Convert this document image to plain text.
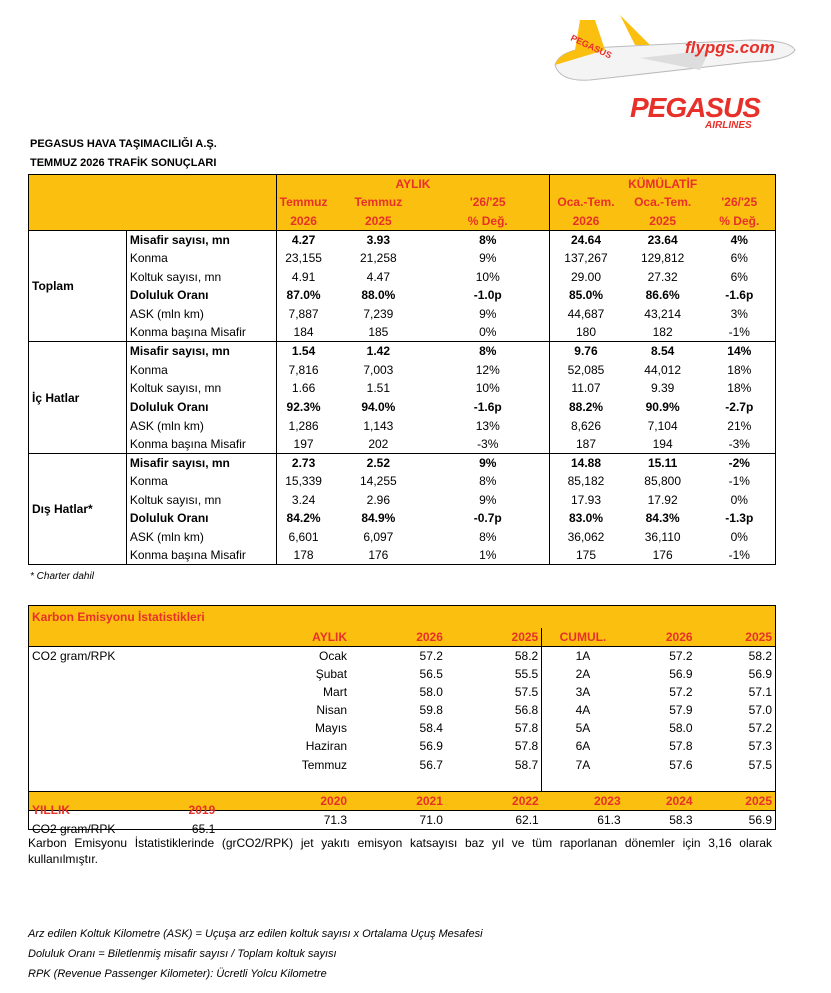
PEGASUS	flypgs.com
PEGASUS
AIRLINES
PEGASUS HAVA TAŞIMACILIĞI A.Ş.
TEMMUZ 2026 TRAFİK SONUÇLARI
		AYLIK			KÜMÜLATİF		
		Temmuz	Temmuz	'26/'25	Oca.-Tem.	Oca.-Tem.	'26/'25
		2026	2025	% Değ.	2026	2025	% Değ.
Toplam	Misafir sayısı, mn	4.27	3.93	8%	24.64	23.64	4%
	Konma	23,155	21,258	9%	137,267	129,812	6%
	Koltuk sayısı, mn	4.91	4.47	10%	29.00	27.32	6%
	Doluluk Oranı	87.0%	88.0%	-1.0p	85.0%	86.6%	-1.6p
	ASK (mln km)	7,887	7,239	9%	44,687	43,214	3%
	Konma başına Misafir	184	185	0%	180	182	-1%
İç Hatlar	Misafir sayısı, mn	1.54	1.42	8%	9.76	8.54	14%
	Konma	7,816	7,003	12%	52,085	44,012	18%
	Koltuk sayısı, mn	1.66	1.51	10%	11.07	9.39	18%
	Doluluk Oranı	92.3%	94.0%	-1.6p	88.2%	90.9%	-2.7p
	ASK (mln km)	1,286	1,143	13%	8,626	7,104	21%
	Konma başına Misafir	197	202	-3%	187	194	-3%
Dış Hatlar*	Misafir sayısı, mn	2.73	2.52	9%	14.88	15.11	-2%
	Konma	15,339	14,255	8%	85,182	85,800	-1%
	Koltuk sayısı, mn	3.24	2.96	9%	17.93	17.92	0%
	Doluluk Oranı	84.2%	84.9%	-0.7p	83.0%	84.3%	-1.3p
	ASK (mln km)	6,601	6,097	8%	36,062	36,110	0%
	Konma başına Misafir	178	176	1%	175	176	-1%
* Charter dahil
Karbon Emisyonu İstatistikleri						
	AYLIK	2026	2025	CUMUL.	2026	2025
CO2 gram/RPK	Ocak	57.2	58.2	1A	57.2	58.2
	Şubat	56.5	55.5	2A	56.9	56.9
	Mart	58.0	57.5	3A	57.2	57.1
	Nisan	59.8	56.8	4A	57.9	57.0
	Mayıs	58.4	57.8	5A	58.0	57.2
	Haziran	56.9	57.8	6A	57.8	57.3
	Temmuz	56.7	58.7	7A	57.6	57.5

YILLIK 2019	2020	2021	2022	2023	2024	2025

CO2 gram/RPK 65.1	71.3	71.0	62.1	61.3	58.3	56.9
Karbon Emisyonu İstatistiklerinde (grCO2/RPK) jet yakıtı emisyon katsayısı baz yıl ve tüm raporlanan dönemler için 3,16 olarak kullanılmıştır.
Arz edilen Koltuk Kilometre (ASK) = Uçuşa arz edilen koltuk sayısı x Ortalama Uçuş Mesafesi
Doluluk Oranı = Biletlenmiş misafir sayısı / Toplam koltuk sayısı
RPK (Revenue Passenger Kilometer): Ücretli Yolcu Kilometre
